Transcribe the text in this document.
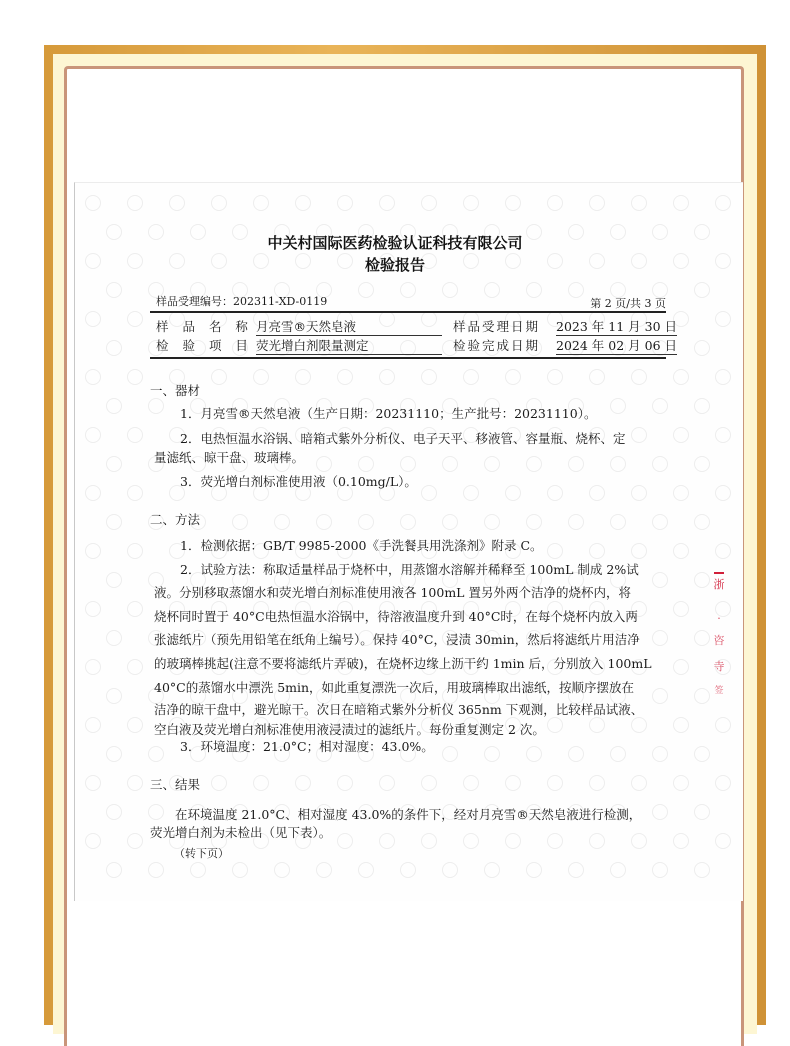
中关村国际医药检验认证科技有限公司
检验报告
样品受理编号：202311-XD-0119	第 2 页/共 3 页
样 品 名 称 月亮雪®天然皂液	样品受理日期 2023 年 11 月 30 日
检 验 项 目 荧光增白剂限量测定	检验完成日期 2024 年 02 月 06 日
一、器材
1．月亮雪®天然皂液（生产日期：20231110；生产批号：20231110）。
2．电热恒温水浴锅、暗箱式紫外分析仪、电子天平、移液管、容量瓶、烧杯、定
量滤纸、晾干盘、玻璃棒。
3．荧光增白剂标准使用液（0.10mg/L）。
二、方法
1．检测依据：GB/T 9985-2000《手洗餐具用洗涤剂》附录 C。
2．试验方法：称取适量样品于烧杯中，用蒸馏水溶解并稀释至 100mL 制成 2%试
液。分别移取蒸馏水和荧光增白剂标准使用液各 100mL 置另外两个洁净的烧杯内，将
烧杯同时置于 40°C电热恒温水浴锅中，待溶液温度升到 40°C时，在每个烧杯内放入两
张滤纸片（预先用铅笔在纸角上编号）。保持 40°C，浸渍 30min，然后将滤纸片用洁净
的玻璃棒挑起(注意不要将滤纸片弄破)，在烧杯边缘上沥干约 1min 后，分别放入 100mL
40°C的蒸馏水中漂洗 5min，如此重复漂洗一次后，用玻璃棒取出滤纸，按顺序摆放在
洁净的晾干盘中，避光晾干。次日在暗箱式紫外分析仪 365nm 下观测，比较样品试液、
空白液及荧光增白剂标准使用液浸渍过的滤纸片。每份重复测定 2 次。
3．环境温度：21.0°C；相对湿度：43.0%。
三、结果
在环境温度 21.0°C、相对湿度 43.0%的条件下，经对月亮雪®天然皂液进行检测，
荧光增白剂为未检出（见下表）。
（转下页）
浙
·
咨
寺
签
